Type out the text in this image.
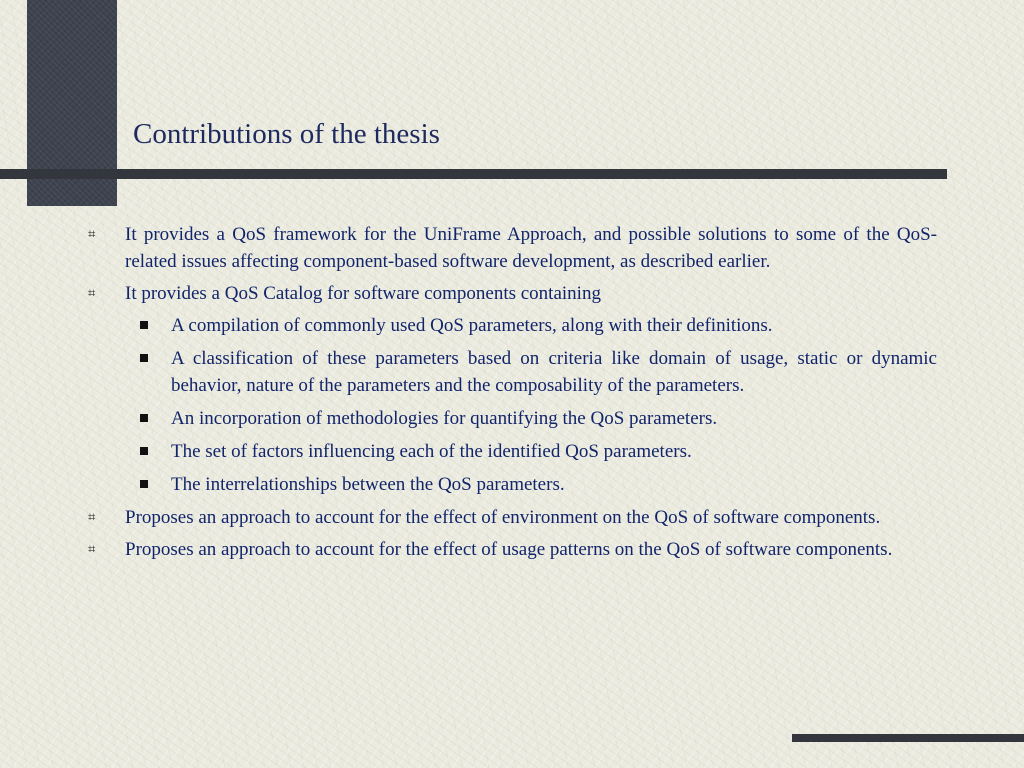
Contributions of the thesis
⌗ It provides a QoS framework for the UniFrame Approach, and possible solutions to some of the QoS-related issues affecting component-based software development, as described earlier.
⌗ It provides a QoS Catalog for software components containing
A compilation of commonly used QoS parameters, along with their definitions.
A classification of these parameters based on criteria like domain of usage, static or dynamic behavior, nature of the parameters and the composability of the parameters.
An incorporation of methodologies for quantifying the QoS parameters.
The set of factors influencing each of the identified QoS parameters.
The interrelationships between the QoS parameters.
⌗ Proposes an approach to account for the effect of environment on the QoS of software components.
⌗ Proposes an approach to account for the effect of usage patterns on the QoS of software components.
